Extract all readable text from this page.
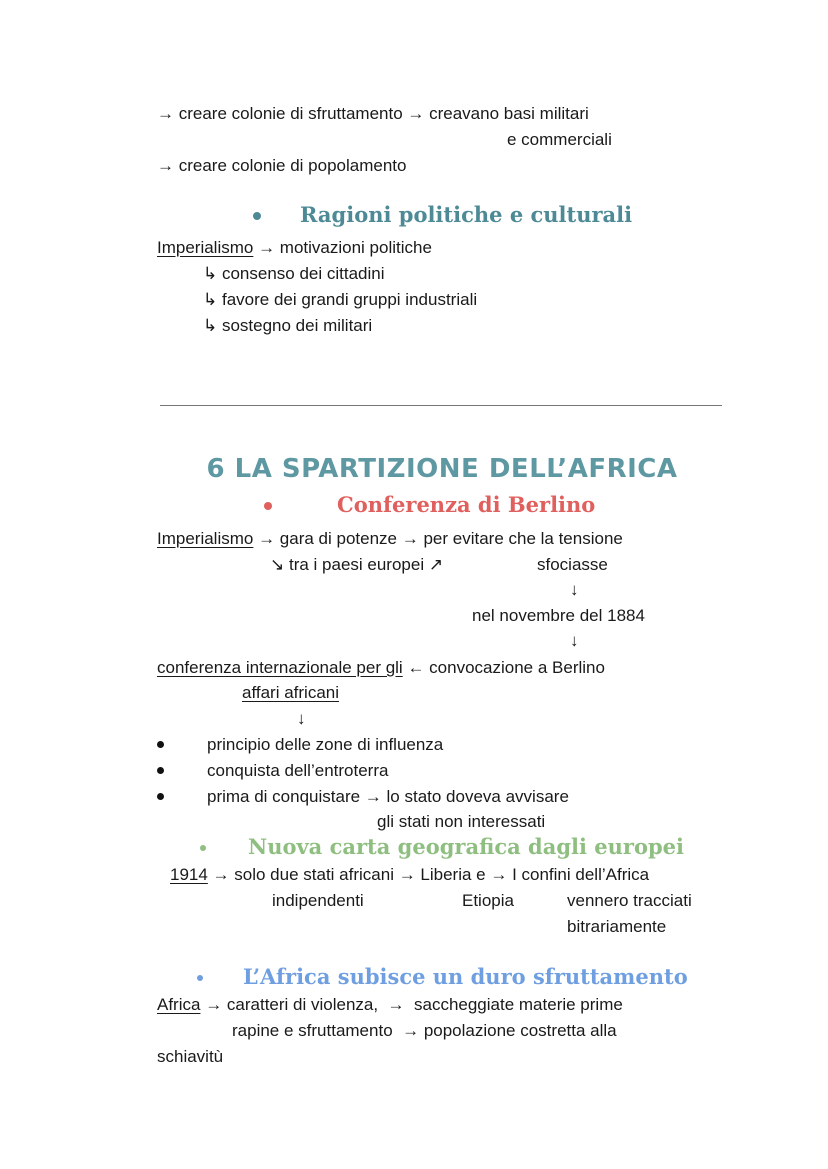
→ creare colonie di sfruttamento → creavano basi militari
e commerciali
→ creare colonie di popolamento
Ragioni politiche e culturali
Imperialismo → motivazioni politiche
↳ consenso dei cittadini
↳ favore dei grandi gruppi industriali
↳ sostegno dei militari
6 LA SPARTIZIONE DELL’AFRICA
Conferenza di Berlino
Imperialismo → gara di potenze → per evitare che la tensione
↘ tra i paesi europei ↗	sfociasse
↓
nel novembre del 1884
↓
conferenza internazionale per gli ← convocazione a Berlino
affari africani
↓
principio delle zone di influenza
conquista dell’entroterra
prima di conquistare → lo stato doveva avvisare
gli stati non interessati
Nuova carta geografica dagli europei
1914 → solo due stati africani → Liberia e → I confini dell’Africa
indipendenti	Etiopia	vennero tracciati
bitrariamente
L’Africa subisce un duro sfruttamento
Africa → caratteri di violenza,  →  saccheggiate materie prime
rapine e sfruttamento  → popolazione costretta alla
schiavitù
